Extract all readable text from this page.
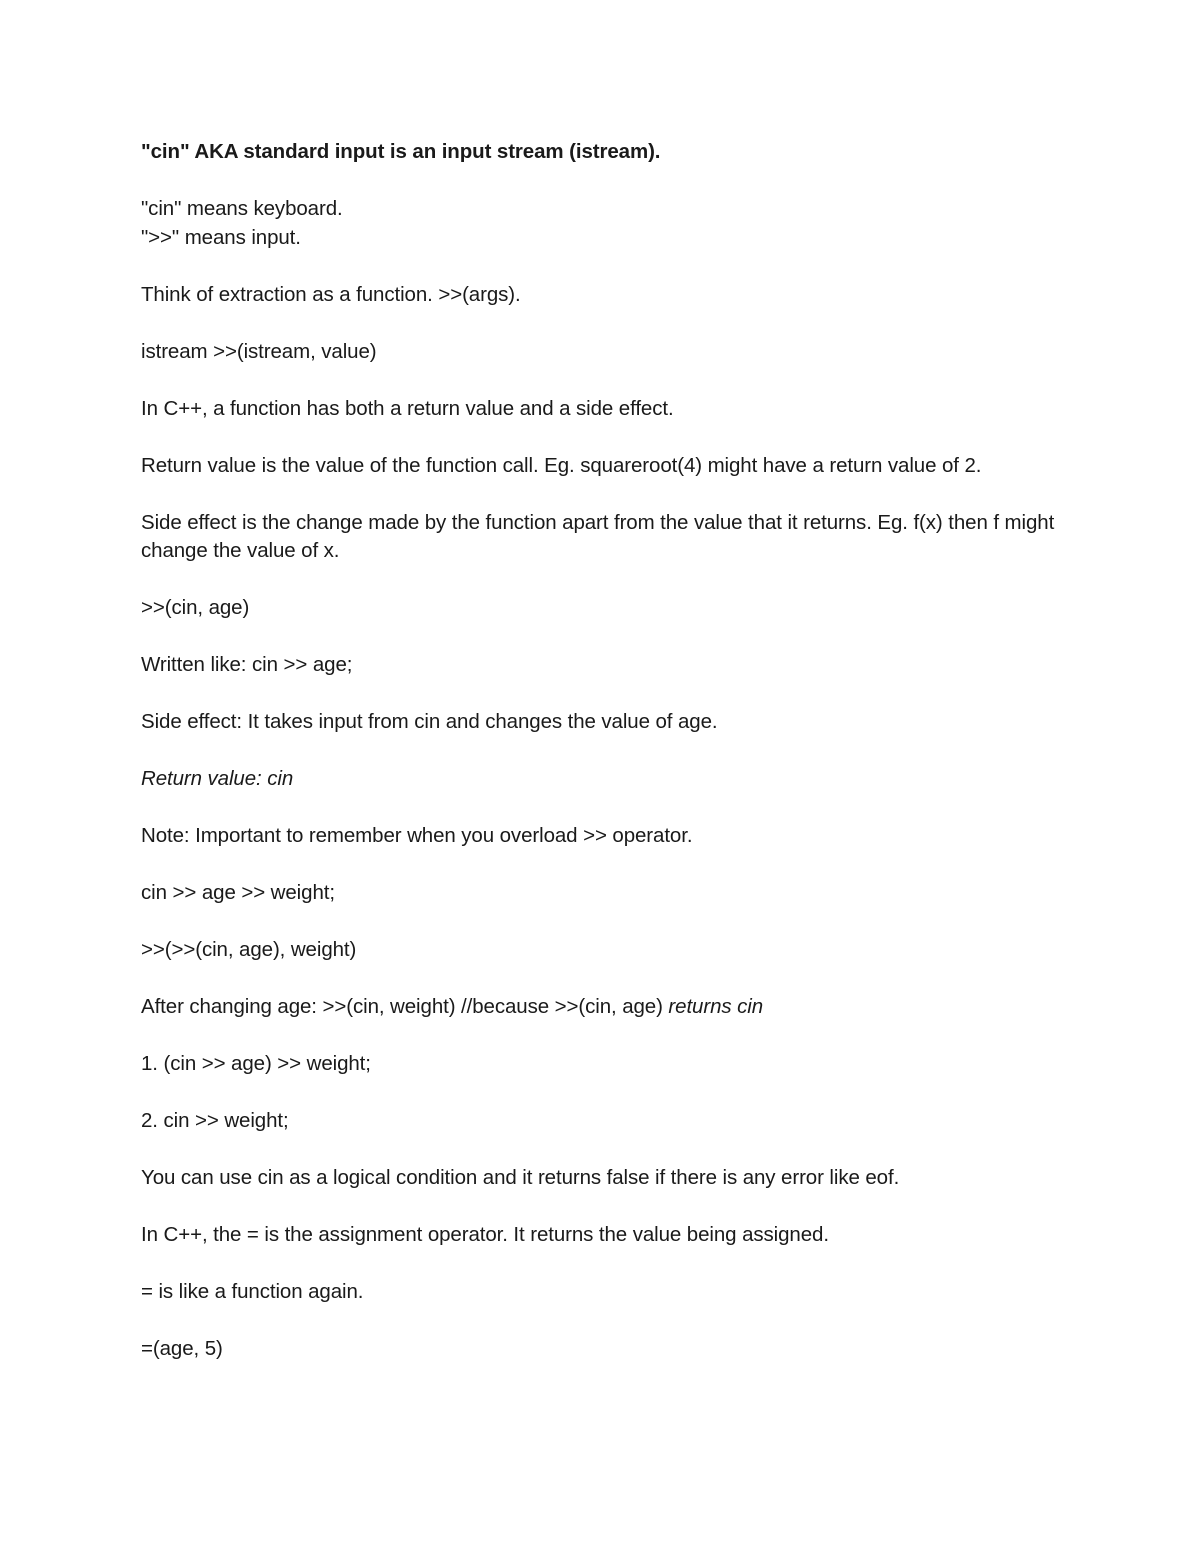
"cin" AKA standard input is an input stream (istream).

"cin" means keyboard.

">>" means input.

Think of extraction as a function. >>(args).

istream >>(istream, value)

In C++, a function has both a return value and a side effect.

Return value is the value of the function call. Eg. squareroot(4) might have a return value of 2.

Side effect is the change made by the function apart from the value that it returns. Eg. f(x) then f might change the value of x.

>>(cin, age)

Written like: cin >> age;

Side effect: It takes input from cin and changes the value of age.

Return value: cin

Note: Important to remember when you overload >> operator.

cin >> age >> weight;

>>(>>(cin, age), weight)

After changing age: >>(cin, weight) //because >>(cin, age) returns cin

1. (cin >> age) >> weight;

2. cin >> weight;

You can use cin as a logical condition and it returns false if there is any error like eof.

In C++, the = is the assignment operator. It returns the value being assigned.

= is like a function again.

=(age, 5)
